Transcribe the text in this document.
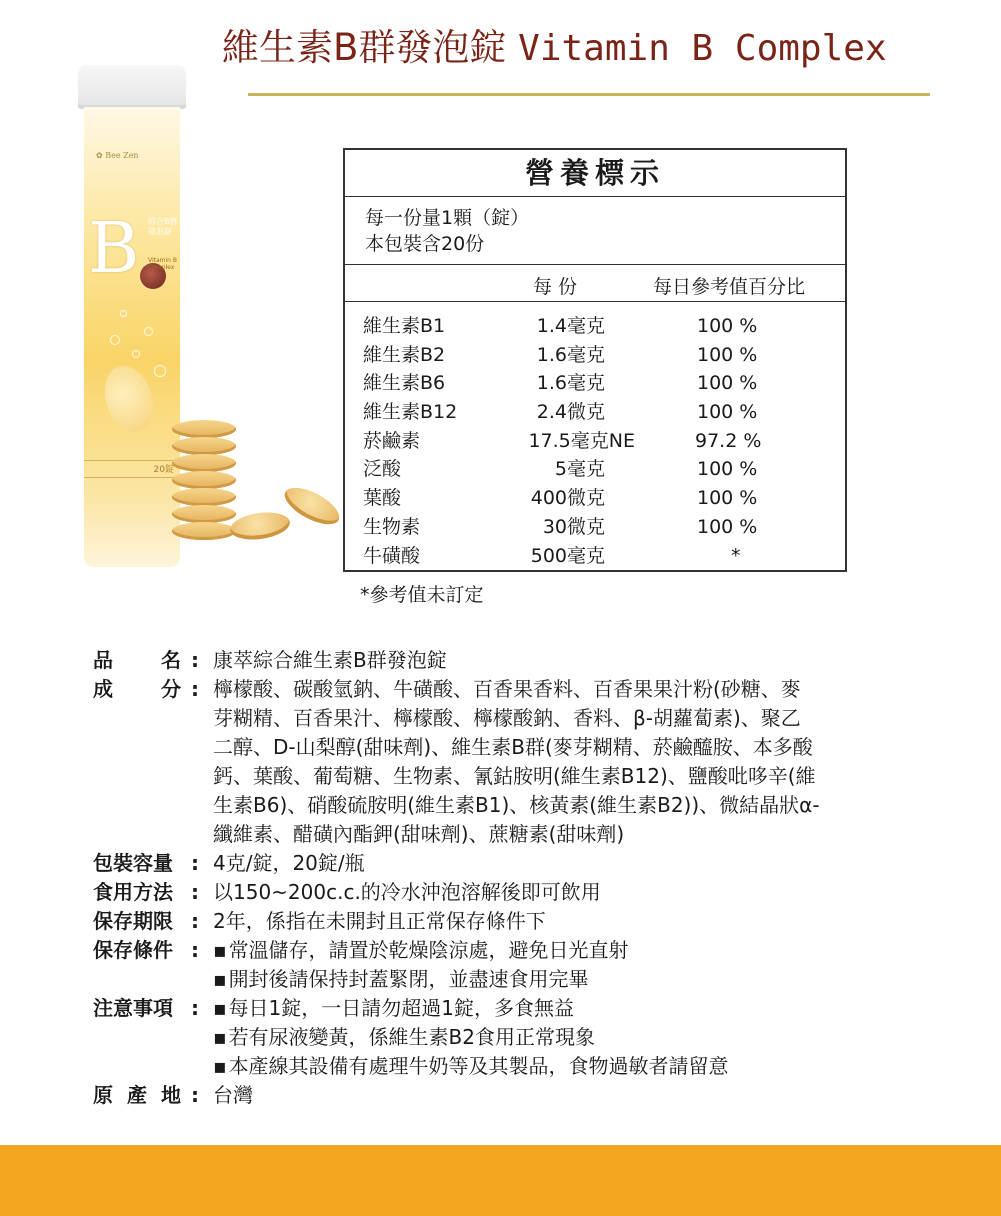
維生素B群發泡錠 Vitamin B Complex
✿ Bee Zen
B 綜合B群發泡錠
Vitamin B Complex
20錠
營養標示
每一份量1顆（錠）
本包裝含20份
每 份	每日參考值百分比
維生素B1	1.4毫克	100 %
維生素B2	1.6毫克	100 %
維生素B6	1.6毫克	100 %
維生素B12	2.4微克	100 %
菸鹼素	17.5毫克NE	97.2 %
泛酸	5毫克	100 %
葉酸	400微克	100 %
生物素	30微克	100 %
牛磺酸	500毫克	*
*參考值未訂定
品 名 : 康萃綜合維生素B群發泡錠
成 分 : 檸檬酸、碳酸氫鈉、牛磺酸、百香果香料、百香果果汁粉(砂糖、麥
芽糊精、百香果汁、檸檬酸、檸檬酸鈉、香料、β-胡蘿蔔素)、聚乙
二醇、D-山梨醇(甜味劑)、維生素B群(麥芽糊精、菸鹼醯胺、本多酸
鈣、葉酸、葡萄糖、生物素、氰鈷胺明(維生素B12)、鹽酸吡哆辛(維
生素B6)、硝酸硫胺明(維生素B1)、核黃素(維生素B2))、微結晶狀α-
纖維素、醋磺內酯鉀(甜味劑)、蔗糖素(甜味劑)
包裝容量 : 4克/錠，20錠/瓶
食用方法 : 以150~200c.c.的冷水沖泡溶解後即可飲用
保存期限 : 2年，係指在未開封且正常保存條件下
保存條件 :	▪ 常溫儲存，請置於乾燥陰涼處，避免日光直射
▪ 開封後請保持封蓋緊閉，並盡速食用完畢
注意事項 :	▪ 每日1錠，一日請勿超過1錠，多食無益
▪ 若有尿液變黃，係維生素B2食用正常現象
▪ 本產線其設備有處理牛奶等及其製品，食物過敏者請留意
原 產 地 : 台灣
